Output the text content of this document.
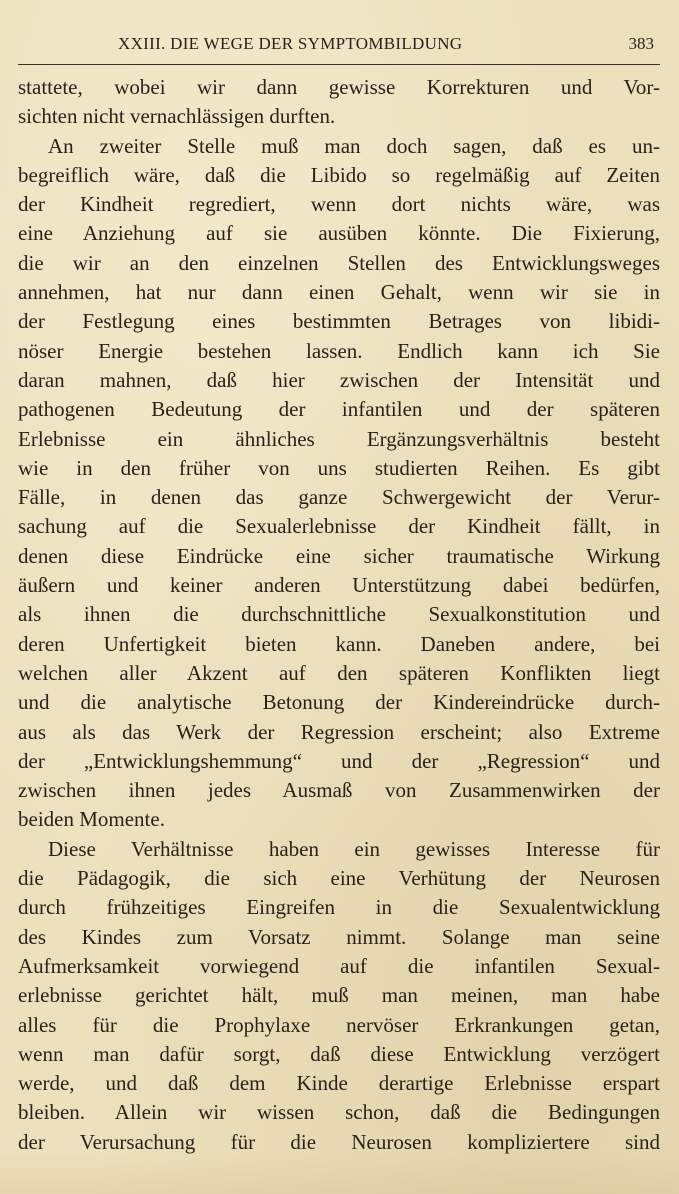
XXIII. DIE WEGE DER SYMPTOMBILDUNG	383
stattete, wobei wir dann gewisse Korrekturen und Vor-
sichten nicht vernachlässigen durften.
An zweiter Stelle muß man doch sagen, daß es un-
begreiflich wäre, daß die Libido so regelmäßig auf Zeiten
der Kindheit regrediert, wenn dort nichts wäre, was
eine Anziehung auf sie ausüben könnte. Die Fixierung,
die wir an den einzelnen Stellen des Entwicklungsweges
annehmen, hat nur dann einen Gehalt, wenn wir sie in
der Festlegung eines bestimmten Betrages von libidi-
nöser Energie bestehen lassen. Endlich kann ich Sie
daran mahnen, daß hier zwischen der Intensität und
pathogenen Bedeutung der infantilen und der späteren
Erlebnisse ein ähnliches Ergänzungsverhältnis besteht
wie in den früher von uns studierten Reihen. Es gibt
Fälle, in denen das ganze Schwergewicht der Verur-
sachung auf die Sexualerlebnisse der Kindheit fällt, in
denen diese Eindrücke eine sicher traumatische Wirkung
äußern und keiner anderen Unterstützung dabei bedürfen,
als ihnen die durchschnittliche Sexualkonstitution und
deren Unfertigkeit bieten kann. Daneben andere, bei
welchen aller Akzent auf den späteren Konflikten liegt
und die analytische Betonung der Kindereindrücke durch-
aus als das Werk der Regression erscheint; also Extreme
der „Entwicklungshemmung“ und der „Regression“ und
zwischen ihnen jedes Ausmaß von Zusammenwirken der
beiden Momente.
Diese Verhältnisse haben ein gewisses Interesse für
die Pädagogik, die sich eine Verhütung der Neurosen
durch frühzeitiges Eingreifen in die Sexualentwicklung
des Kindes zum Vorsatz nimmt. Solange man seine
Aufmerksamkeit vorwiegend auf die infantilen Sexual-
erlebnisse gerichtet hält, muß man meinen, man habe
alles für die Prophylaxe nervöser Erkrankungen getan,
wenn man dafür sorgt, daß diese Entwicklung verzögert
werde, und daß dem Kinde derartige Erlebnisse erspart
bleiben. Allein wir wissen schon, daß die Bedingungen
der Verursachung für die Neurosen kompliziertere sind
